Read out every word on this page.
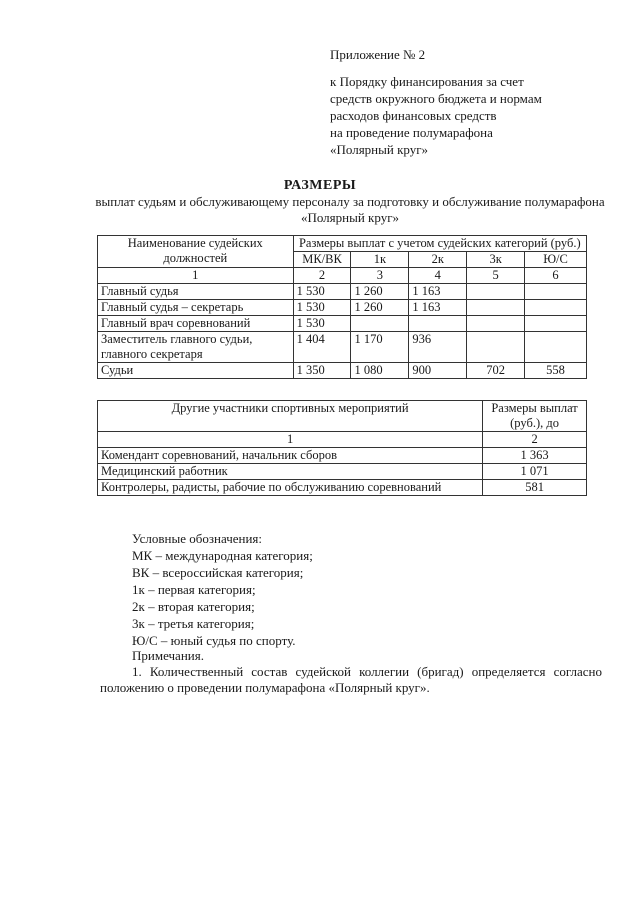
Приложение № 2
к Порядку финансирования за счет
средств окружного бюджета и нормам
расходов финансовых средств
на проведение полумарафона
«Полярный круг»
РАЗМЕРЫ
выплат судьям и обслуживающему персоналу за подготовку и обслуживание полумарафона «Полярный круг»
Наименование судейских должностей	Размеры выплат с учетом судейских категорий (руб.)				
	МК/ВК	1к	2к	3к	Ю/С
1	2	3	4	5	6
Главный судья	1 530	1 260	1 163		
Главный судья – секретарь	1 530	1 260	1 163		
Главный врач соревнований	1 530				
Заместитель главного судьи, главного секретаря	1 404	1 170	936		
Судьи	1 350	1 080	900	702	558
Другие участники спортивных мероприятий	Размеры выплат (руб.), до
1	2
Комендант соревнований, начальник сборов	1 363
Медицинский работник	1 071
Контролеры, радисты, рабочие по обслуживанию соревнований	581
Условные обозначения:
МК – международная категория;
ВК – всероссийская категория;
1к – первая категория;
2к – вторая категория;
3к – третья категория;
Ю/С – юный судья по спорту.
Примечания.
1. Количественный состав судейской коллегии (бригад) определяется согласно положению о проведении полумарафона «Полярный круг».
